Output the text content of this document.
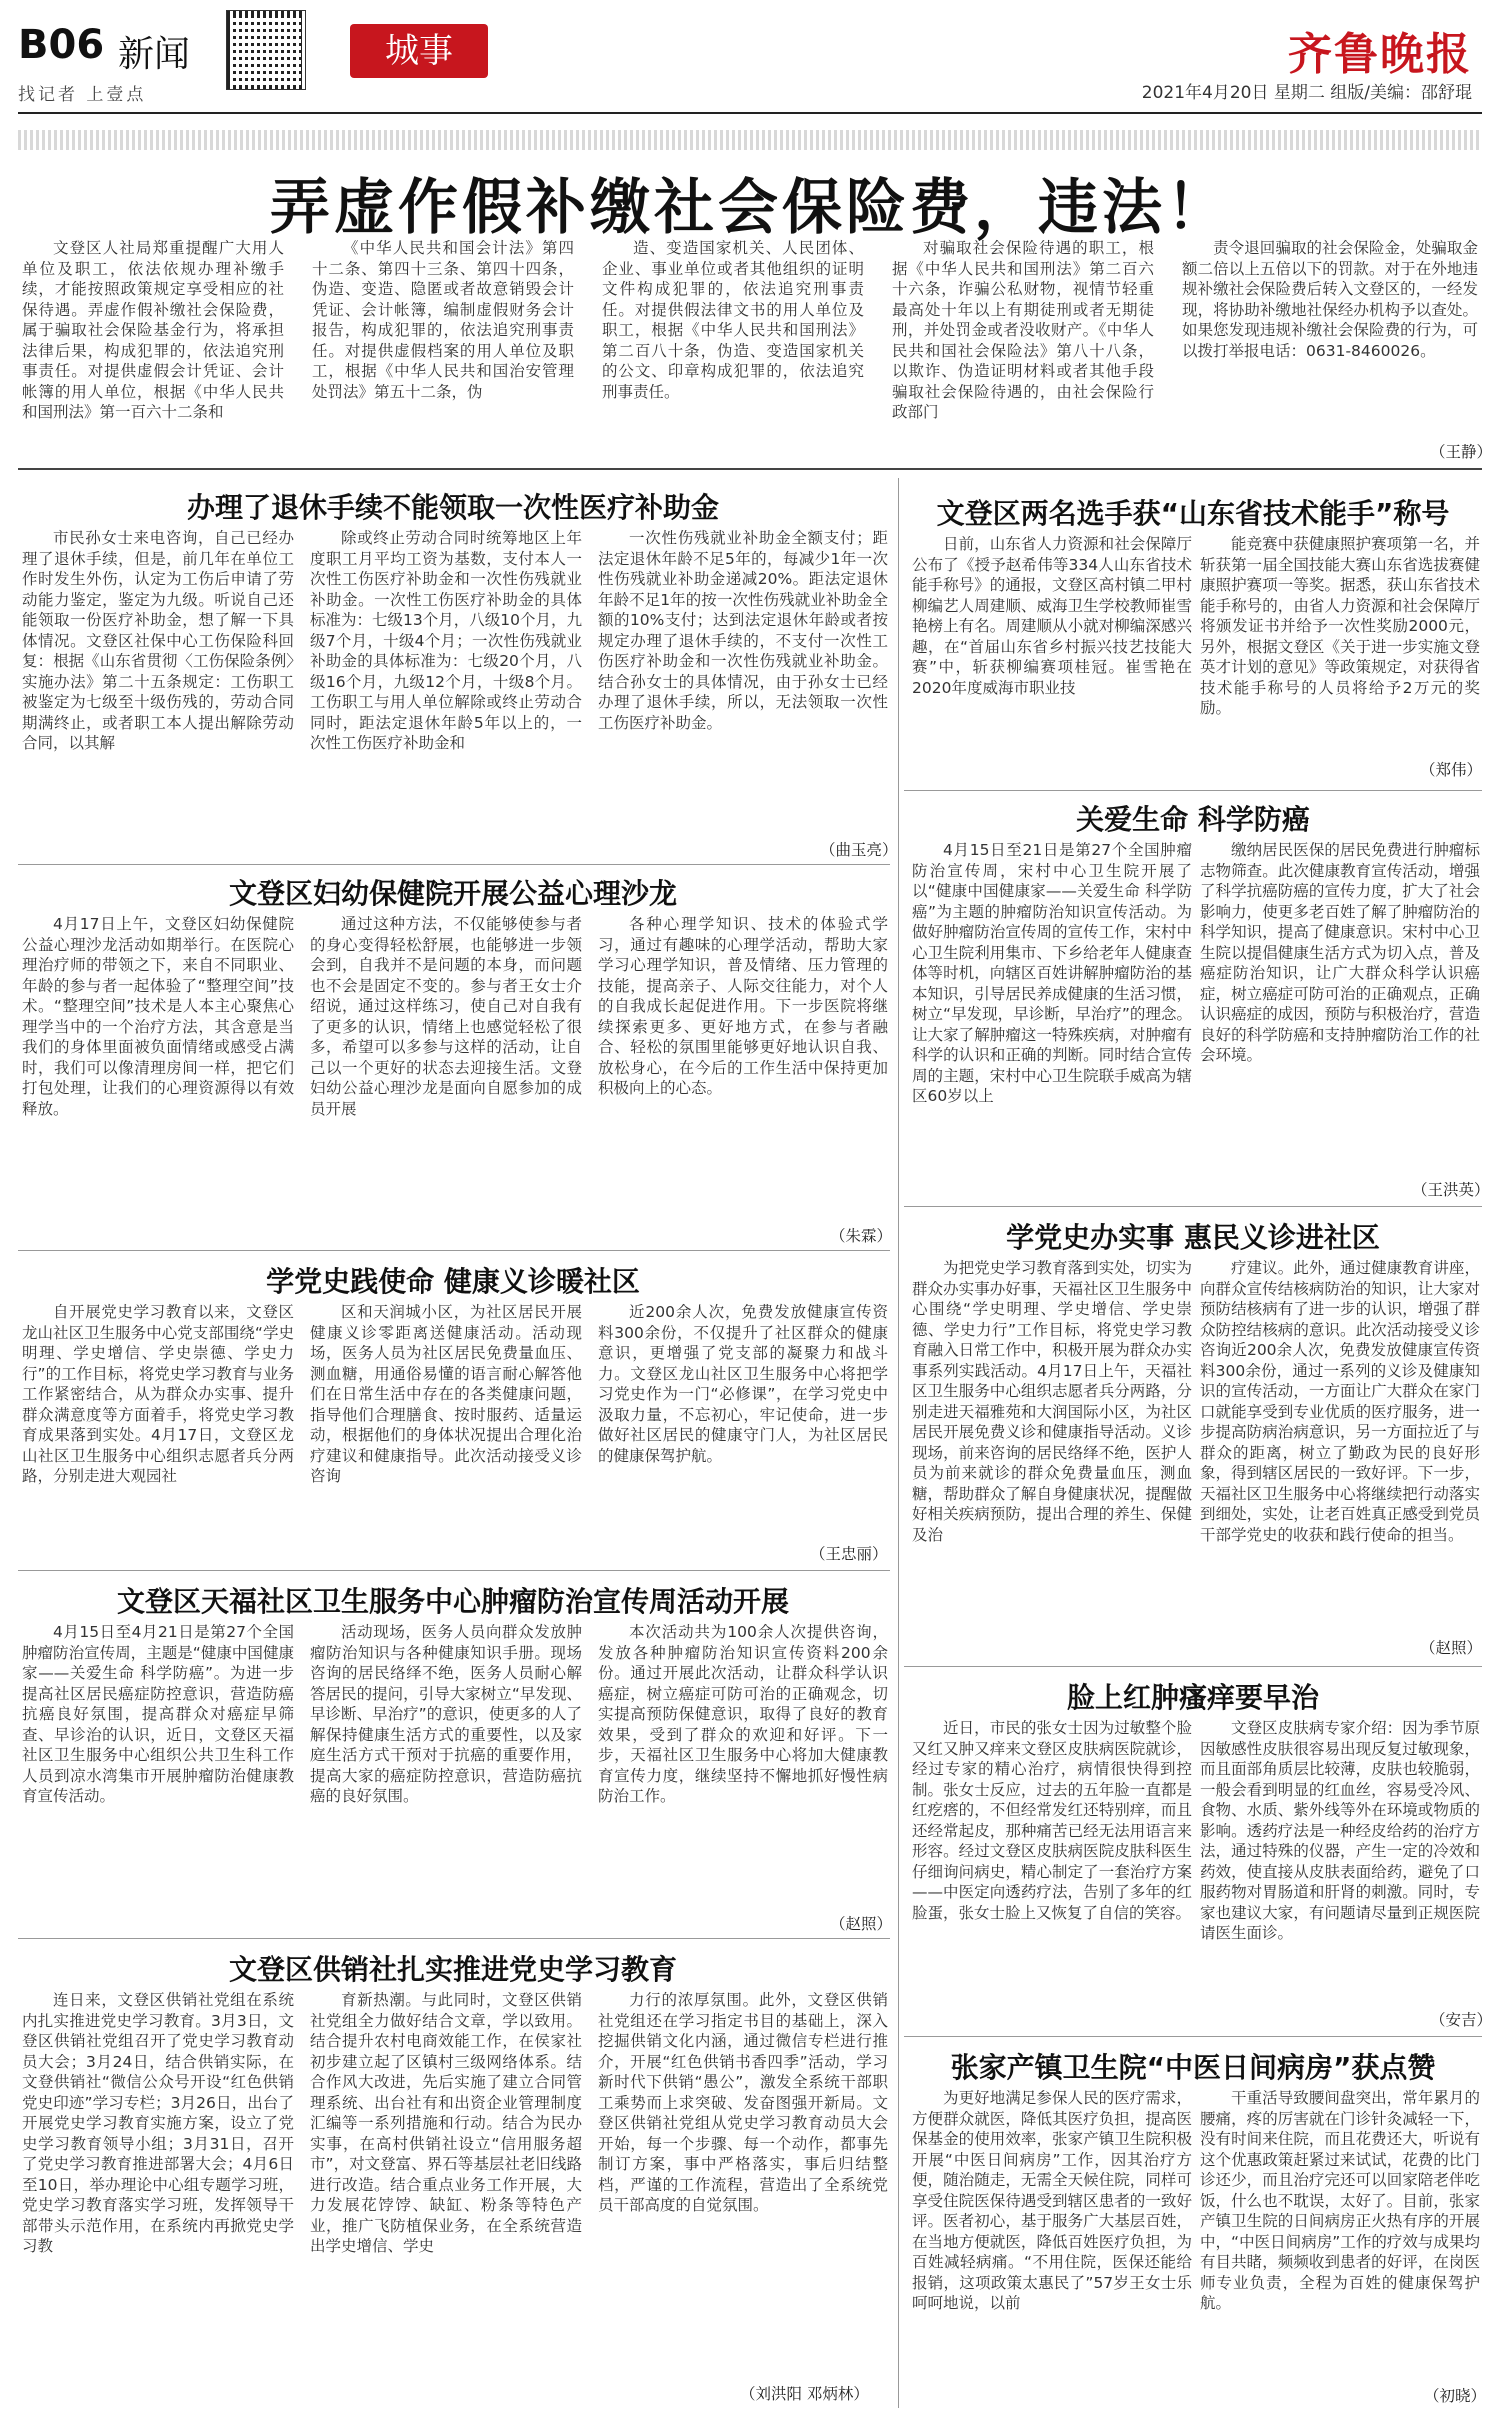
B06 新闻
找记者 上壹点
城事	齐鲁晚报
2021年4月20日 星期二 组版/美编：邵舒琨
弄虚作假补缴社会保险费，违法！

文登区人社局郑重提醒广大用人单位及职工，依法依规办理补缴手续，才能按照政策规定享受相应的社保待遇。弄虚作假补缴社会保险费，属于骗取社会保险基金行为，将承担法律后果，构成犯罪的，依法追究刑事责任。对提供虚假会计凭证、会计帐簿的用人单位，根据《中华人民共和国刑法》第一百六十二条和

《中华人民共和国会计法》第四十二条、第四十三条、第四十四条，伪造、变造、隐匿或者故意销毁会计凭证、会计帐簿，编制虚假财务会计报告，构成犯罪的，依法追究刑事责任。对提供虚假档案的用人单位及职工，根据《中华人民共和国治安管理处罚法》第五十二条，伪

造、变造国家机关、人民团体、企业、事业单位或者其他组织的证明文件构成犯罪的，依法追究刑事责任。对提供假法律文书的用人单位及职工，根据《中华人民共和国刑法》第二百八十条，伪造、变造国家机关的公文、印章构成犯罪的，依法追究刑事责任。

对骗取社会保险待遇的职工，根据《中华人民共和国刑法》第二百六十六条，诈骗公私财物，视情节轻重最高处十年以上有期徒刑或者无期徒刑，并处罚金或者没收财产。《中华人民共和国社会保险法》第八十八条，以欺诈、伪造证明材料或者其他手段骗取社会保险待遇的，由社会保险行政部门

责令退回骗取的社会保险金，处骗取金额二倍以上五倍以下的罚款。对于在外地违规补缴社会保险费后转入文登区的，一经发现，将协助补缴地社保经办机构予以查处。如果您发现违规补缴社会保险费的行为，可以拨打举报电话：0631-8460026。

（王静）
办理了退休手续不能领取一次性医疗补助金

市民孙女士来电咨询，自己已经办理了退休手续，但是，前几年在单位工作时发生外伤，认定为工伤后申请了劳动能力鉴定，鉴定为九级。听说自己还能领取一份医疗补助金，想了解一下具体情况。文登区社保中心工伤保险科回复：根据《山东省贯彻〈工伤保险条例〉实施办法》第二十五条规定：工伤职工被鉴定为七级至十级伤残的，劳动合同期满终止，或者职工本人提出解除劳动合同，以其解

除或终止劳动合同时统筹地区上年度职工月平均工资为基数，支付本人一次性工伤医疗补助金和一次性伤残就业补助金。一次性工伤医疗补助金的具体标准为：七级13个月，八级10个月，九级7个月，十级4个月；一次性伤残就业补助金的具体标准为：七级20个月，八级16个月，九级12个月，十级8个月。工伤职工与用人单位解除或终止劳动合同时，距法定退休年龄5年以上的，一次性工伤医疗补助金和

一次性伤残就业补助金全额支付；距法定退休年龄不足5年的，每减少1年一次性伤残就业补助金递减20%。距法定退休年龄不足1年的按一次性伤残就业补助金全额的10%支付；达到法定退休年龄或者按规定办理了退休手续的，不支付一次性工伤医疗补助金和一次性伤残就业补助金。结合孙女士的具体情况，由于孙女士已经办理了退休手续，所以，无法领取一次性工伤医疗补助金。

（曲玉亮）
文登区妇幼保健院开展公益心理沙龙

4月17日上午，文登区妇幼保健院公益心理沙龙活动如期举行。在医院心理治疗师的带领之下，来自不同职业、年龄的参与者一起体验了“整理空间”技术。“整理空间”技术是人本主心聚焦心理学当中的一个治疗方法，其含意是当我们的身体里面被负面情绪或感受占满时，我们可以像清理房间一样，把它们打包处理，让我们的心理资源得以有效释放。

通过这种方法，不仅能够使参与者的身心变得轻松舒展，也能够进一步领会到，自我并不是问题的本身，而问题也不会是固定不变的。参与者王女士介绍说，通过这样练习，使自己对自我有了更多的认识，情绪上也感觉轻松了很多，希望可以多参与这样的活动，让自己以一个更好的状态去迎接生活。文登妇幼公益心理沙龙是面向自愿参加的成员开展

各种心理学知识、技术的体验式学习，通过有趣味的心理学活动，帮助大家学习心理学知识，普及情绪、压力管理的技能，提高亲子、人际交往能力，对个人的自我成长起促进作用。下一步医院将继续探索更多、更好地方式，在参与者融合、轻松的氛围里能够更好地认识自我、放松身心，在今后的工作生活中保持更加积极向上的心态。

（朱霖）
学党史践使命 健康义诊暖社区

自开展党史学习教育以来，文登区龙山社区卫生服务中心党支部围绕“学史明理、学史增信、学史崇德、学史力行”的工作目标，将党史学习教育与业务工作紧密结合，从为群众办实事、提升群众满意度等方面着手，将党史学习教育成果落到实处。4月17日，文登区龙山社区卫生服务中心组织志愿者兵分两路，分别走进大观园社

区和天润城小区，为社区居民开展健康义诊零距离送健康活动。活动现场，医务人员为社区居民免费量血压、测血糖，用通俗易懂的语言耐心解答他们在日常生活中存在的各类健康问题，指导他们合理膳食、按时服药、适量运动，根据他们的身体状况提出合理化治疗建议和健康指导。此次活动接受义诊咨询

近200余人次，免费发放健康宣传资料300余份，不仅提升了社区群众的健康意识，更增强了党支部的凝聚力和战斗力。文登区龙山社区卫生服务中心将把学习党史作为一门“必修课”，在学习党史中汲取力量，不忘初心，牢记使命，进一步做好社区居民的健康守门人，为社区居民的健康保驾护航。

（王忠丽）
文登区天福社区卫生服务中心肿瘤防治宣传周活动开展

4月15日至4月21日是第27个全国肿瘤防治宣传周，主题是“健康中国健康家——关爱生命 科学防癌”。为进一步提高社区居民癌症防控意识，营造防癌抗癌良好氛围，提高群众对癌症早筛查、早诊治的认识，近日，文登区天福社区卫生服务中心组织公共卫生科工作人员到凉水湾集市开展肿瘤防治健康教育宣传活动。

活动现场，医务人员向群众发放肿瘤防治知识与各种健康知识手册。现场咨询的居民络绎不绝，医务人员耐心解答居民的提问，引导大家树立“早发现、早诊断、早治疗”的意识，使更多的人了解保持健康生活方式的重要性，以及家庭生活方式干预对于抗癌的重要作用，提高大家的癌症防控意识，营造防癌抗癌的良好氛围。

本次活动共为100余人次提供咨询，发放各种肿瘤防治知识宣传资料200余份。通过开展此次活动，让群众科学认识癌症，树立癌症可防可治的正确观念，切实提高预防保健意识，取得了良好的教育效果，受到了群众的欢迎和好评。下一步，天福社区卫生服务中心将加大健康教育宣传力度，继续坚持不懈地抓好慢性病防治工作。

（赵照）
文登区供销社扎实推进党史学习教育

连日来，文登区供销社党组在系统内扎实推进党史学习教育。3月3日，文登区供销社党组召开了党史学习教育动员大会；3月24日，结合供销实际，在文登供销社“微信公众号开设“红色供销党史印迹”学习专栏；3月26日，出台了开展党史学习教育实施方案，设立了党史学习教育领导小组；3月31日，召开了党史学习教育推进部署大会；4月6日至10日，举办理论中心组专题学习班，党史学习教育落实学习班，发挥领导干部带头示范作用，在系统内再掀党史学习教

育新热潮。与此同时，文登区供销社党组全力做好结合文章，学以致用。结合提升农村电商效能工作，在侯家社初步建立起了区镇村三级网络体系。结合作风大改进，先后实施了建立合同管理系统、出台社有和出资企业管理制度汇编等一系列措施和行动。结合为民办实事，在高村供销社设立“信用服务超市”，对文登富、界石等基层社老旧线路进行改造。结合重点业务工作开展，大力发展花饽饽、缺缸、粉条等特色产业，推广飞防植保业务，在全系统营造出学史增信、学史

力行的浓厚氛围。此外，文登区供销社党组还在学习指定书目的基础上，深入挖掘供销文化内涵，通过微信专栏进行推介，开展“红色供销书香四季”活动，学习新时代下供销“愚公”，激发全系统干部职工乘势而上求突破、发奋图强开新局。文登区供销社党组从党史学习教育动员大会开始，每一个步骤、每一个动作，都事先制订方案，事中严格落实，事后归结整档，严谨的工作流程，营造出了全系统党员干部高度的自觉氛围。

（刘洪阳 邓炳林）
文登区两名选手获“山东省技术能手”称号

日前，山东省人力资源和社会保障厅公布了《授予赵希伟等334人山东省技术能手称号》的通报，文登区高村镇二甲村柳编艺人周建顺、威海卫生学校教师崔雪艳榜上有名。周建顺从小就对柳编深感兴趣，在“首届山东省乡村振兴技艺技能大赛”中，斩获柳编赛项桂冠。崔雪艳在2020年度威海市职业技

能竞赛中获健康照护赛项第一名，并斩获第一届全国技能大赛山东省选拔赛健康照护赛项一等奖。据悉，获山东省技术能手称号的，由省人力资源和社会保障厅将颁发证书并给予一次性奖励2000元，另外，根据文登区《关于进一步实施文登英才计划的意见》等政策规定，对获得省技术能手称号的人员将给予2万元的奖励。

（郑伟）
关爱生命 科学防癌

4月15日至21日是第27个全国肿瘤防治宣传周，宋村中心卫生院开展了以“健康中国健康家——关爱生命 科学防癌”为主题的肿瘤防治知识宣传活动。为做好肿瘤防治宣传周的宣传工作，宋村中心卫生院利用集市、下乡给老年人健康查体等时机，向辖区百姓讲解肿瘤防治的基本知识，引导居民养成健康的生活习惯，树立“早发现，早诊断，早治疗”的理念。让大家了解肿瘤这一特殊疾病，对肿瘤有科学的认识和正确的判断。同时结合宣传周的主题，宋村中心卫生院联手威高为辖区60岁以上

缴纳居民医保的居民免费进行肿瘤标志物筛查。此次健康教育宣传活动，增强了科学抗癌防癌的宣传力度，扩大了社会影响力，使更多老百姓了解了肿瘤防治的科学知识，提高了健康意识。宋村中心卫生院以提倡健康生活方式为切入点，普及癌症防治知识，让广大群众科学认识癌症，树立癌症可防可治的正确观点，正确认识癌症的成因，预防与积极治疗，营造良好的科学防癌和支持肿瘤防治工作的社会环境。

（王洪英）
学党史办实事 惠民义诊进社区

为把党史学习教育落到实处，切实为群众办实事办好事，天福社区卫生服务中心围绕“学史明理、学史增信、学史崇德、学史力行”工作目标，将党史学习教育融入日常工作中，积极开展为群众办实事系列实践活动。4月17日上午，天福社区卫生服务中心组织志愿者兵分两路，分别走进天福雅苑和大润国际小区，为社区居民开展免费义诊和健康指导活动。义诊现场，前来咨询的居民络绎不绝，医护人员为前来就诊的群众免费量血压，测血糖，帮助群众了解自身健康状况，提醒做好相关疾病预防，提出合理的养生、保健及治

疗建议。此外，通过健康教育讲座，向群众宣传结核病防治的知识，让大家对预防结核病有了进一步的认识，增强了群众防控结核病的意识。此次活动接受义诊咨询近200余人次，免费发放健康宣传资料300余份，通过一系列的义诊及健康知识的宣传活动，一方面让广大群众在家门口就能享受到专业优质的医疗服务，进一步提高防病治病意识，另一方面拉近了与群众的距离，树立了勤政为民的良好形象，得到辖区居民的一致好评。下一步，天福社区卫生服务中心将继续把行动落实到细处，实处，让老百姓真正感受到党员干部学党史的收获和践行使命的担当。

（赵照）
脸上红肿瘙痒要早治

近日，市民的张女士因为过敏整个脸又红又肿又痒来文登区皮肤病医院就诊，经过专家的精心治疗，病情很快得到控制。张女士反应，过去的五年脸一直都是红疙瘩的，不但经常发红还特别痒，而且还经常起皮，那种痛苦已经无法用语言来形容。经过文登区皮肤病医院皮肤科医生仔细询问病史，精心制定了一套治疗方案——中医定向透药疗法，告别了多年的红脸蛋，张女士脸上又恢复了自信的笑容。

文登区皮肤病专家介绍：因为季节原因敏感性皮肤很容易出现反复过敏现象，而且面部角质层比较薄，皮肤也较脆弱，一般会看到明显的红血丝，容易受冷风、食物、水质、紫外线等外在环境或物质的影响。透药疗法是一种经皮给药的治疗方法，通过特殊的仪器，产生一定的冷效和药效，使直接从皮肤表面给药，避免了口服药物对胃肠道和肝肾的刺激。同时，专家也建议大家，有问题请尽量到正规医院请医生面诊。

（安吉）
张家产镇卫生院“中医日间病房”获点赞

为更好地满足参保人民的医疗需求，方便群众就医，降低其医疗负担，提高医保基金的使用效率，张家产镇卫生院积极开展“中医日间病房”工作，因其治疗方便，随治随走，无需全天候住院，同样可享受住院医保待遇受到辖区患者的一致好评。医者初心，基于服务广大基层百姓，在当地方便就医，降低百姓医疗负担，为百姓减轻病痛。“不用住院，医保还能给报销，这项政策太惠民了”57岁王女士乐呵呵地说，以前

干重活导致腰间盘突出，常年累月的腰痛，疼的厉害就在门诊针灸减轻一下，没有时间来住院，而且花费还大，听说有这个优惠政策赶紧过来试试，花费的比门诊还少，而且治疗完还可以回家陪老伴吃饭，什么也不耽误，太好了。目前，张家产镇卫生院的日间病房正火热有序的开展中，“中医日间病房”工作的疗效与成果均有目共睹，频频收到患者的好评，在岗医师专业负责，全程为百姓的健康保驾护航。

（初晓）
